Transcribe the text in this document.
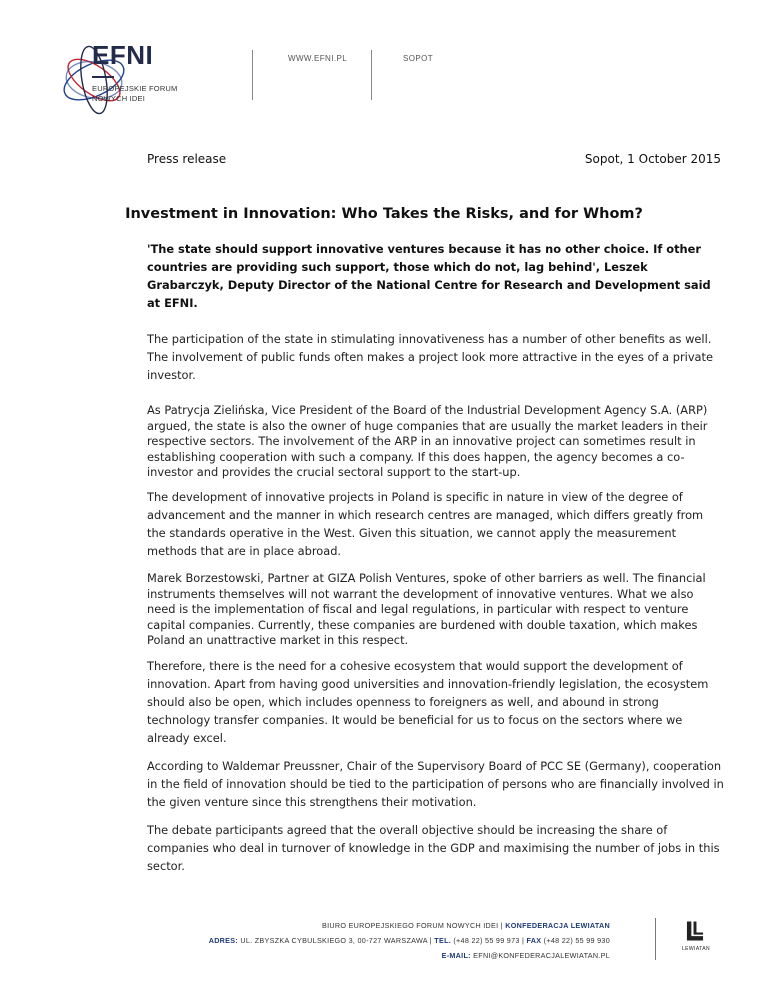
EFNI
EUROPEJSKIE FORUM
NOWYCH IDEI
WWW.EFNI.PL	SOPOT
Press release	Sopot, 1 October 2015
Investment in Innovation: Who Takes the Risks, and for Whom?
'The state should support innovative ventures because it has no other choice. If other countries are providing such support, those which do not, lag behind', Leszek Grabarczyk, Deputy Director of the National Centre for Research and Development said at EFNI.

The participation of the state in stimulating innovativeness has a number of other benefits as well. The involvement of public funds often makes a project look more attractive in the eyes of a private investor.

As Patrycja Zielińska, Vice President of the Board of the Industrial Development Agency S.A. (ARP) argued, the state is also the owner of huge companies that are usually the market leaders in their respective sectors. The involvement of the ARP in an innovative project can sometimes result in establishing cooperation with such a company. If this does happen, the agency becomes a co-investor and provides the crucial sectoral support to the start-up.

The development of innovative projects in Poland is specific in nature in view of the degree of advancement and the manner in which research centres are managed, which differs greatly from the standards operative in the West. Given this situation, we cannot apply the measurement methods that are in place abroad.

Marek Borzestowski, Partner at GIZA Polish Ventures, spoke of other barriers as well. The financial instruments themselves will not warrant the development of innovative ventures. What we also need is the implementation of fiscal and legal regulations, in particular with respect to venture capital companies. Currently, these companies are burdened with double taxation, which makes Poland an unattractive market in this respect.

Therefore, there is the need for a cohesive ecosystem that would support the development of innovation. Apart from having good universities and innovation-friendly legislation, the ecosystem should also be open, which includes openness to foreigners as well, and abound in strong technology transfer companies. It would be beneficial for us to focus on the sectors where we already excel.

According to Waldemar Preussner, Chair of the Supervisory Board of PCC SE (Germany), cooperation in the field of innovation should be tied to the participation of persons who are financially involved in the given venture since this strengthens their motivation.

The debate participants agreed that the overall objective should be increasing the share of companies who deal in turnover of knowledge in the GDP and maximising the number of jobs in this sector.

BIURO EUROPEJSKIEGO FORUM NOWYCH IDEI | KONFEDERACJA LEWIATAN
ADRES: UL. ZBYSZKA CYBULSKIEGO 3, 00-727 WARSZAWA | TEL. (+48 22) 55 99 973 | FAX (+48 22) 55 99 930
E-MAIL: EFNI@KONFEDERACJALEWIATAN.PL
LEWIATAN
